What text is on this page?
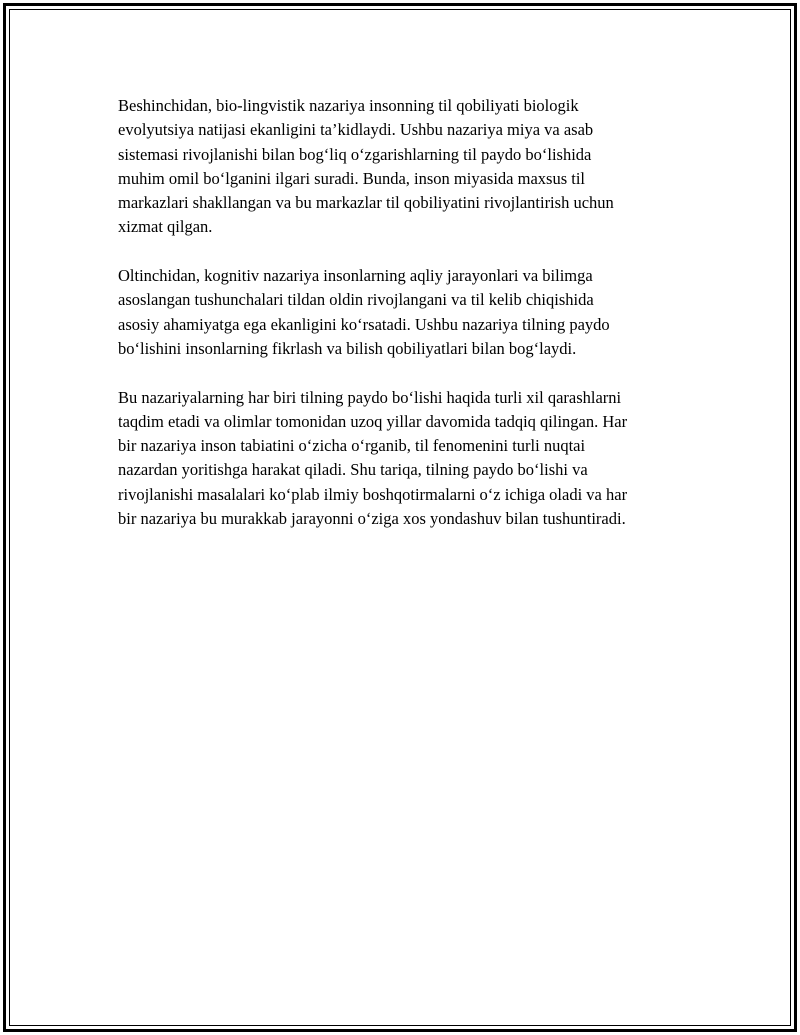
Beshinchidan, bio-lingvistik nazariya insonning til qobiliyati biologik
evolyutsiya natijasi ekanligini ta’kidlaydi. Ushbu nazariya miya va asab
sistemasi rivojlanishi bilan bog‘liq o‘zgarishlarning til paydo bo‘lishida
muhim omil bo‘lganini ilgari suradi. Bunda, inson miyasida maxsus til
markazlari shakllangan va bu markazlar til qobiliyatini rivojlantirish uchun
xizmat qilgan.

Oltinchidan, kognitiv nazariya insonlarning aqliy jarayonlari va bilimga
asoslangan tushunchalari tildan oldin rivojlangani va til kelib chiqishida
asosiy ahamiyatga ega ekanligini ko‘rsatadi. Ushbu nazariya tilning paydo
bo‘lishini insonlarning fikrlash va bilish qobiliyatlari bilan bog‘laydi.

Bu nazariyalarning har biri tilning paydo bo‘lishi haqida turli xil qarashlarni
taqdim etadi va olimlar tomonidan uzoq yillar davomida tadqiq qilingan. Har
bir nazariya inson tabiatini o‘zicha o‘rganib, til fenomenini turli nuqtai
nazardan yoritishga harakat qiladi. Shu tariqa, tilning paydo bo‘lishi va
rivojlanishi masalalari ko‘plab ilmiy boshqotirmalarni o‘z ichiga oladi va har
bir nazariya bu murakkab jarayonni o‘ziga xos yondashuv bilan tushuntiradi.
